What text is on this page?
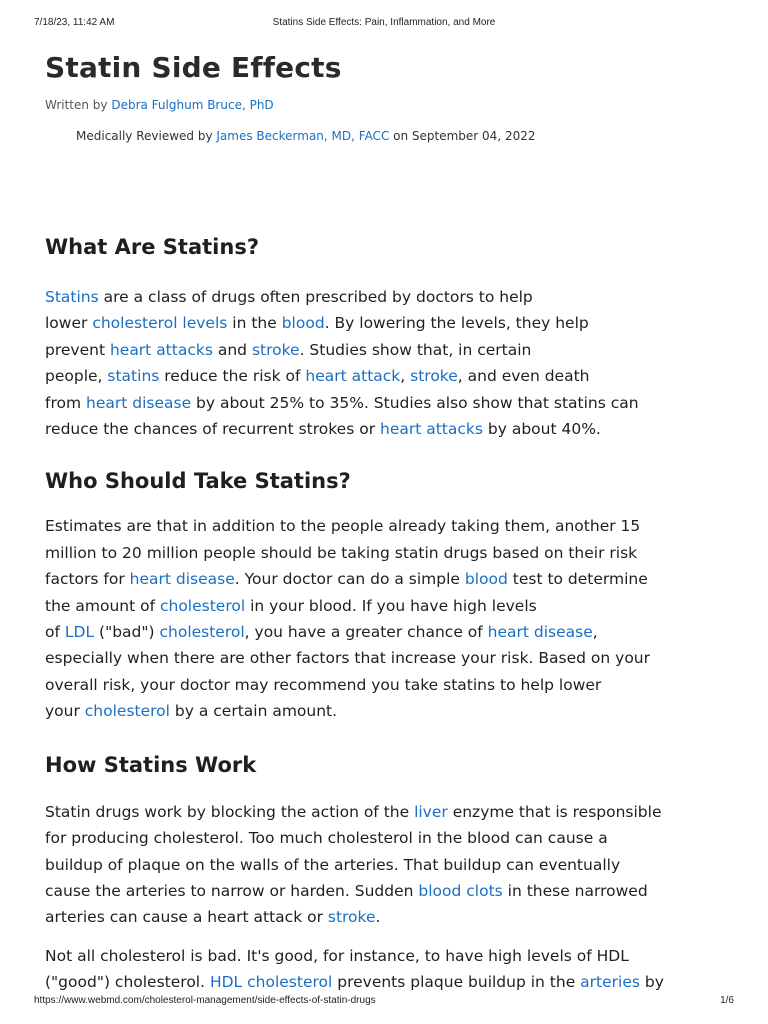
7/18/23, 11:42 AM	Statins Side Effects: Pain, Inflammation, and More
Statin Side Effects
Written by Debra Fulghum Bruce, PhD
Medically Reviewed by James Beckerman, MD, FACC on September 04, 2022
What Are Statins?

Statins are a class of drugs often prescribed by doctors to help
lower cholesterol levels in the blood. By lowering the levels, they help
prevent heart attacks and stroke. Studies show that, in certain
people, statins reduce the risk of heart attack, stroke, and even death
from heart disease by about 25% to 35%. Studies also show that statins can
reduce the chances of recurrent strokes or heart attacks by about 40%.

Who Should Take Statins?

Estimates are that in addition to the people already taking them, another 15
million to 20 million people should be taking statin drugs based on their risk
factors for heart disease. Your doctor can do a simple blood test to determine
the amount of cholesterol in your blood. If you have high levels
of LDL ("bad") cholesterol, you have a greater chance of heart disease,
especially when there are other factors that increase your risk. Based on your
overall risk, your doctor may recommend you take statins to help lower
your cholesterol by a certain amount.

How Statins Work

Statin drugs work by blocking the action of the liver enzyme that is responsible
for producing cholesterol. Too much cholesterol in the blood can cause a
buildup of plaque on the walls of the arteries. That buildup can eventually
cause the arteries to narrow or harden. Sudden blood clots in these narrowed
arteries can cause a heart attack or stroke.

Not all cholesterol is bad. It's good, for instance, to have high levels of HDL
("good") cholesterol. HDL cholesterol prevents plaque buildup in the arteries by

https://www.webmd.com/cholesterol-management/side-effects-of-statin-drugs	1/6
